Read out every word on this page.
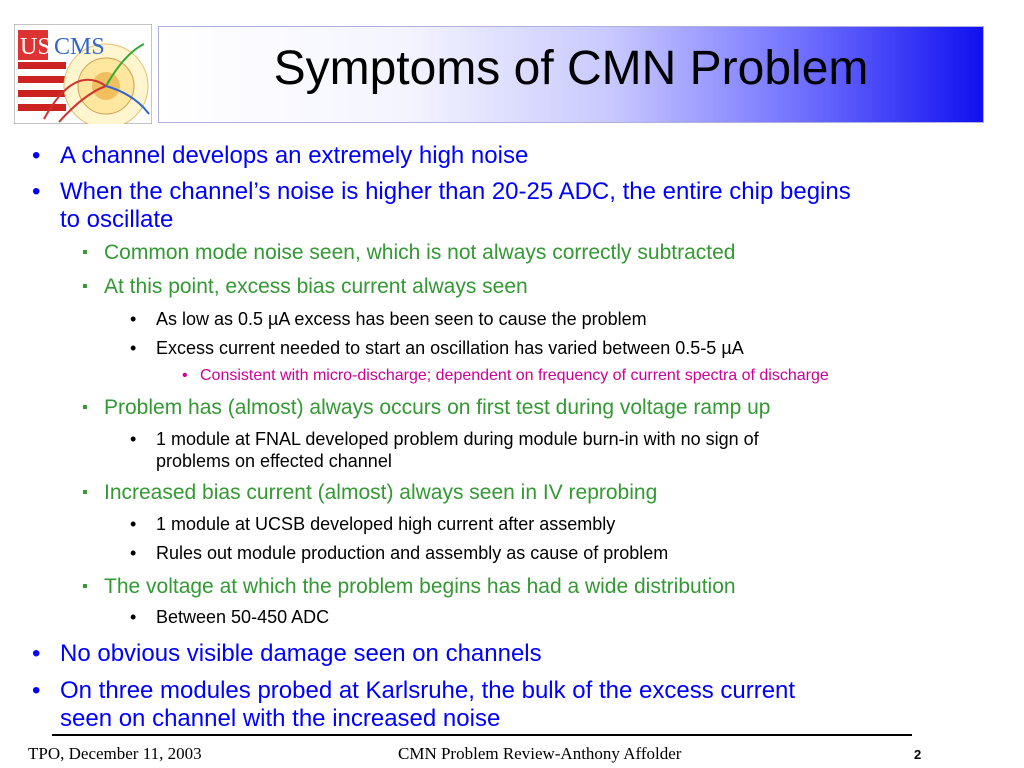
US CMS	Symptoms of CMN Problem
• A channel develops an extremely high noise
• When the channel’s noise is higher than 20-25 ADC, the entire chip begins
to oscillate
▪ Common mode noise seen, which is not always correctly subtracted
▪ At this point, excess bias current always seen
• As low as 0.5 µA excess has been seen to cause the problem
• Excess current needed to start an oscillation has varied between 0.5-5 µA
• Consistent with micro-discharge; dependent on frequency of current spectra of discharge
▪ Problem has (almost) always occurs on first test during voltage ramp up
• 1 module at FNAL developed problem during module burn-in with no sign of
problems on effected channel
▪ Increased bias current (almost) always seen in IV reprobing
• 1 module at UCSB developed high current after assembly
• Rules out module production and assembly as cause of problem
▪ The voltage at which the problem begins has had a wide distribution
• Between 50-450 ADC
• No obvious visible damage seen on channels
• On three modules probed at Karlsruhe, the bulk of the excess current
seen on channel with the increased noise
TPO, December 11, 2003	CMN Problem Review-Anthony Affolder	2
